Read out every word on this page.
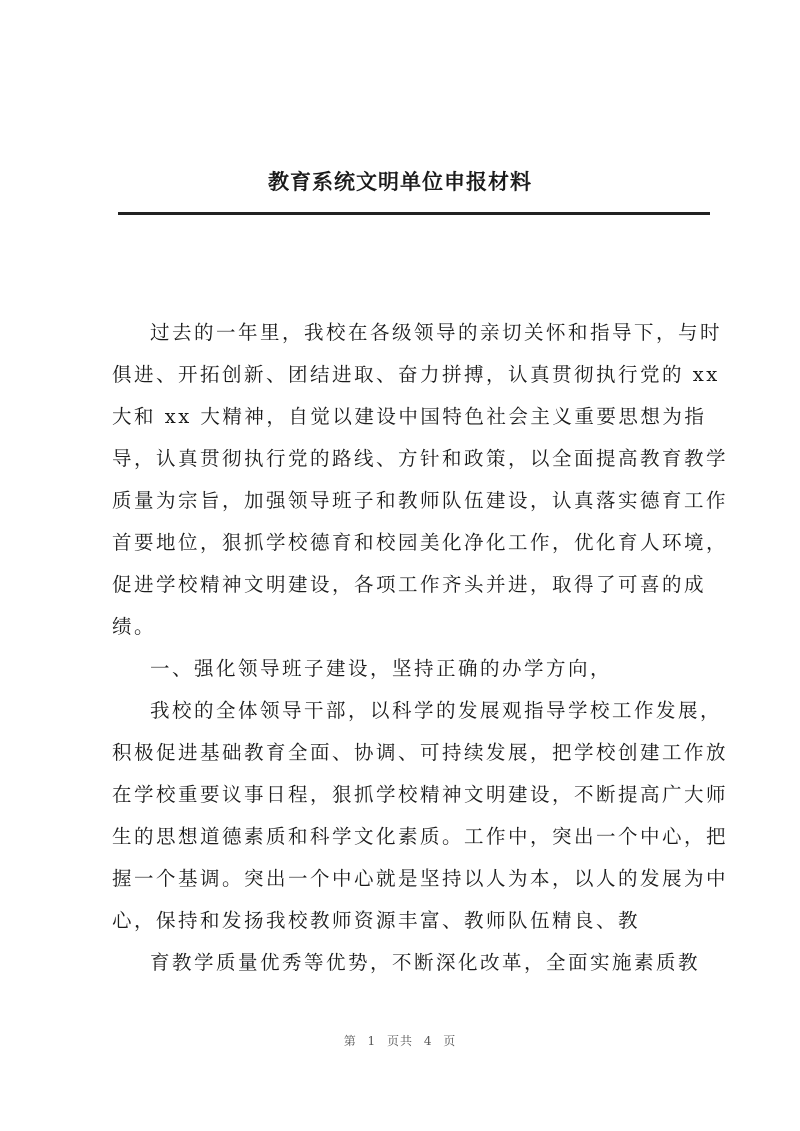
教育系统文明单位申报材料
过去的一年里，我校在各级领导的亲切关怀和指导下，与时
俱进、开拓创新、团结进取、奋力拼搏，认真贯彻执行党的 xx
大和 xx 大精神，自觉以建设中国特色社会主义重要思想为指
导，认真贯彻执行党的路线、方针和政策，以全面提高教育教学
质量为宗旨，加强领导班子和教师队伍建设，认真落实德育工作
首要地位，狠抓学校德育和校园美化净化工作，优化育人环境，
促进学校精神文明建设，各项工作齐头并进，取得了可喜的成
绩。
一、强化领导班子建设，坚持正确的办学方向，
我校的全体领导干部，以科学的发展观指导学校工作发展，
积极促进基础教育全面、协调、可持续发展，把学校创建工作放
在学校重要议事日程，狠抓学校精神文明建设，不断提高广大师
生的思想道德素质和科学文化素质。工作中，突出一个中心，把
握一个基调。突出一个中心就是坚持以人为本，以人的发展为中
心，保持和发扬我校教师资源丰富、教师队伍精良、教
育教学质量优秀等优势，不断深化改革，全面实施素质教
第 1 页共 4 页
